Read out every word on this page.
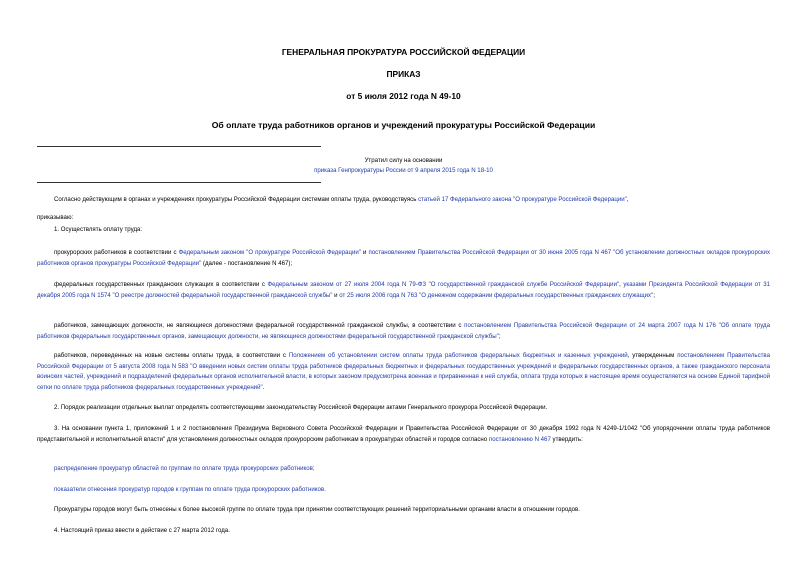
ГЕНЕРАЛЬНАЯ ПРОКУРАТУРА РОССИЙСКОЙ ФЕДЕРАЦИИ
ПРИКАЗ
от 5 июля 2012 года N 49-10
Об оплате труда работников органов и учреждений прокуратуры Российской Федерации
Утратил силу на основании
приказа Генпрокуратуры России от 9 апреля 2015 года N 18-10
Согласно действующим в органах и учреждениях прокуратуры Российской Федерации системам оплаты труда, руководствуясь статьей 17 Федерального закона "О прокуратуре Российской Федерации",
приказываю:
1. Осуществлять оплату труда:
прокурорских работников в соответствии с Федеральным законом "О прокуратуре Российской Федерации" и постановлением Правительства Российской Федерации от 30 июня 2005 года N 467 "Об установлении должностных окладов прокурорских работников органов прокуратуры Российской Федерации" (далее - постановление N 467);
федеральных государственных гражданских служащих в соответствии с Федеральным законом от 27 июля 2004 года N 79-ФЗ "О государственной гражданской службе Российской Федерации", указами Президента Российской Федерации от 31 декабря 2005 года N 1574 "О реестре должностей федеральной государственной гражданской службы" и от 25 июля 2006 года N 763 "О денежном содержании федеральных государственных гражданских служащих";
работников, замещающих должности, не являющиеся должностями федеральной государственной гражданской службы, в соответствии с постановлением Правительства Российской Федерации от 24 марта 2007 года N 176 "Об оплате труда работников федеральных государственных органов, замещающих должности, не являющиеся должностями федеральной государственной гражданской службы";
работников, переведенных на новые системы оплаты труда, в соответствии с Положением об установлении систем оплаты труда работников федеральных бюджетных и казенных учреждений, утвержденным постановлением Правительства Российской Федерации от 5 августа 2008 года N 583 "О введении новых систем оплаты труда работников федеральных бюджетных и федеральных государственных учреждений и федеральных государственных органов, а также гражданского персонала воинских частей, учреждений и подразделений федеральных органов исполнительной власти, в которых законом предусмотрена военная и приравненная к ней служба, оплата труда которых в настоящее время осуществляется на основе Единой тарифной сетки по оплате труда работников федеральных государственных учреждений".
2. Порядок реализации отдельных выплат определять соответствующими законодательству Российской Федерации актами Генерального прокурора Российской Федерации.
3. На основании пункта 1, приложений 1 и 2 постановления Президиума Верховного Совета Российской Федерации и Правительства Российской Федерации от 30 декабря 1992 года N 4249-1/1042 "Об упорядочении оплаты труда работников представительной и исполнительной власти" для установления должностных окладов прокурорским работникам в прокуратурах областей и городов согласно постановлению N 467 утвердить:
распределение прокуратур областей по группам по оплате труда прокурорских работников;
показатели отнесения прокуратур городов к группам по оплате труда прокурорских работников.
Прокуратуры городов могут быть отнесены к более высокой группе по оплате труда при принятии соответствующих решений территориальными органами власти в отношении городов.
4. Настоящий приказ ввести в действие с 27 марта 2012 года.
